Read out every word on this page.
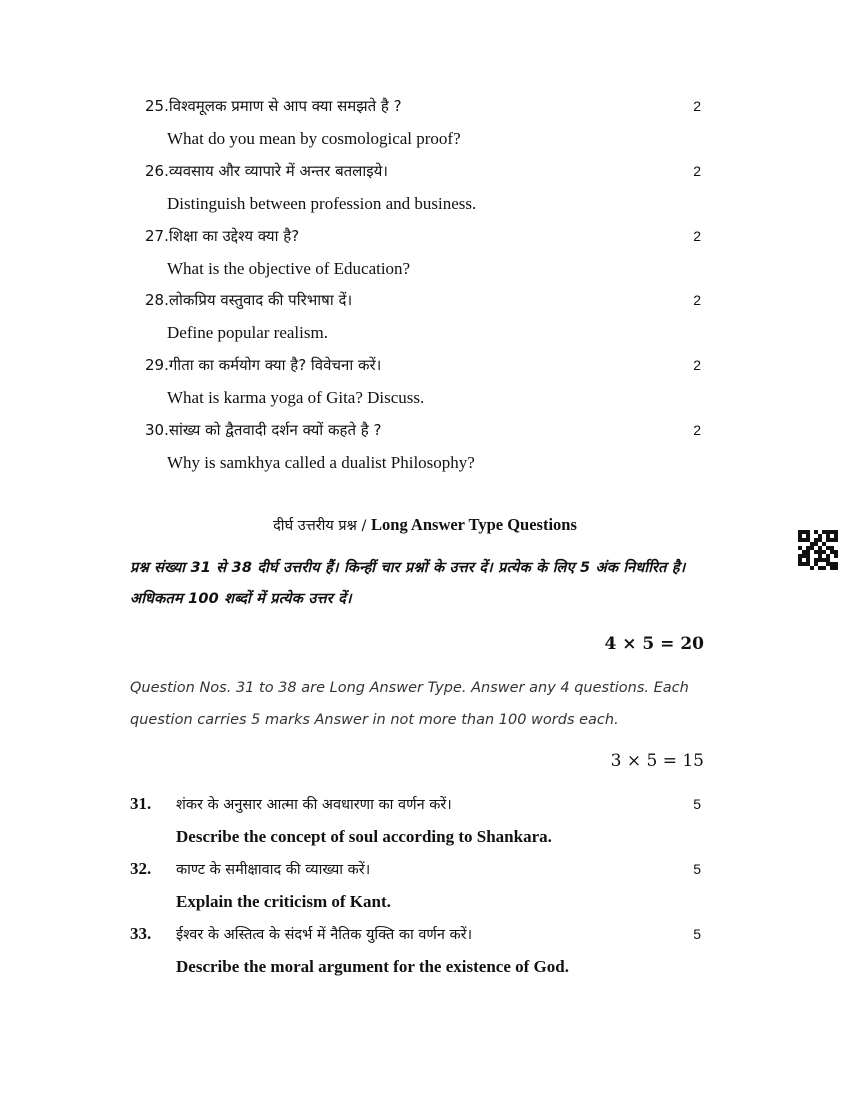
25.विश्वमूलक प्रमाण से आप क्या समझते है ?	2
What do you mean by cosmological proof?
26.व्यवसाय और व्यापारे में अन्तर बतलाइये।	2
Distinguish between profession and business.
27.शिक्षा का उद्देश्य क्या है?	2
What is the objective of Education?
28.लोकप्रिय वस्तुवाद की परिभाषा दें।	2
Define popular realism.
29.गीता का कर्मयोग क्या है? विवेचना करें।	2
What is karma yoga of Gita? Discuss.
30.सांख्य को द्वैतवादी दर्शन क्यों कहते है ?	2
Why is samkhya called a dualist Philosophy?
दीर्घ उत्तरीय प्रश्न / Long Answer Type Questions
प्रश्न संख्या 31 से 38 दीर्घ उत्तरीय हैं। किन्हीं चार प्रश्नों के उत्तर दें। प्रत्येक के लिए 5 अंक निर्धारित है। अधिकतम 100 शब्दों में प्रत्येक उत्तर दें।
4 × 5 = 20
Question Nos. 31 to 38 are Long Answer Type. Answer any 4 questions. Each question carries 5 marks Answer in not more than 100 words each.
3 × 5 = 15
31. शंकर के अनुसार आत्मा की अवधारणा का वर्णन करें।	5
Describe the concept of soul according to Shankara.
32. काण्ट के समीक्षावाद की व्याख्या करें।	5
Explain the criticism of Kant.
33. ईश्वर के अस्तित्व के संदर्भ में नैतिक युक्ति का वर्णन करें।	5
Describe the moral argument for the existence of God.
